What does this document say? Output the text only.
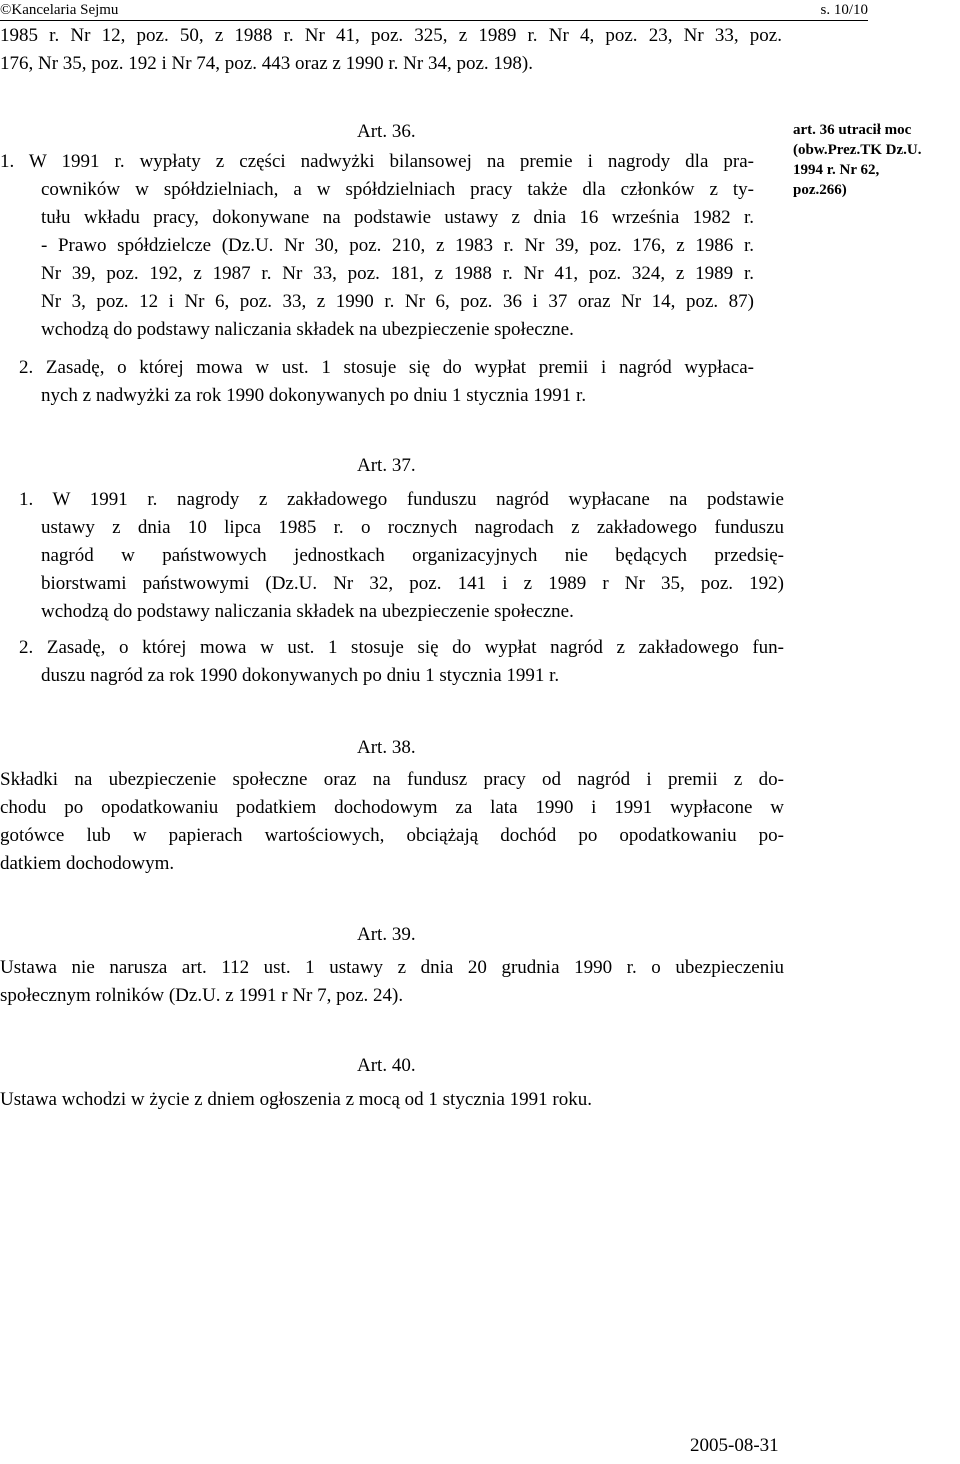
©Kancelaria Sejmu	s. 10/10
1985 r. Nr 12, poz. 50, z 1988 r. Nr 41, poz. 325, z 1989 r. Nr 4, poz. 23, Nr 33, poz.
176, Nr 35, poz. 192 i Nr 74, poz. 443 oraz z 1990 r. Nr 34, poz. 198).
Art. 36.
1. W 1991 r. wypłaty z części nadwyżki bilansowej na premie i nagrody dla pra-
cowników w spółdzielniach, a w spółdzielniach pracy także dla członków z ty-
tułu wkładu pracy, dokonywane na podstawie ustawy z dnia 16 września 1982 r.
- Prawo spółdzielcze (Dz.U. Nr 30, poz. 210, z 1983 r. Nr 39, poz. 176, z 1986 r.
Nr 39, poz. 192, z 1987 r. Nr 33, poz. 181, z 1988 r. Nr 41, poz. 324, z 1989 r.
Nr 3, poz. 12 i Nr 6, poz. 33, z 1990 r. Nr 6, poz. 36 i 37 oraz Nr 14, poz. 87)
wchodzą do podstawy naliczania składek na ubezpieczenie społeczne.
2. Zasadę, o której mowa w ust. 1 stosuje się do wypłat premii i nagród wypłaca-
nych z nadwyżki za rok 1990 dokonywanych po dniu 1 stycznia 1991 r.
art. 36 utracił moc
(obw.Prez.TK Dz.U.
1994 r. Nr 62,
poz.266)
Art. 37.
1. W 1991 r. nagrody z zakładowego funduszu nagród wypłacane na podstawie
ustawy z dnia 10 lipca 1985 r. o rocznych nagrodach z zakładowego funduszu
nagród w państwowych jednostkach organizacyjnych nie będących przedsię-
biorstwami państwowymi (Dz.U. Nr 32, poz. 141 i z 1989 r Nr 35, poz. 192)
wchodzą do podstawy naliczania składek na ubezpieczenie społeczne.
2. Zasadę, o której mowa w ust. 1 stosuje się do wypłat nagród z zakładowego fun-
duszu nagród za rok 1990 dokonywanych po dniu 1 stycznia 1991 r.
Art. 38.
Składki na ubezpieczenie społeczne oraz na fundusz pracy od nagród i premii z do-
chodu po opodatkowaniu podatkiem dochodowym za lata 1990 i 1991 wypłacone w
gotówce lub w papierach wartościowych, obciążają dochód po opodatkowaniu po-
datkiem dochodowym.
Art. 39.
Ustawa nie narusza art. 112 ust. 1 ustawy z dnia 20 grudnia 1990 r. o ubezpieczeniu
społecznym rolników (Dz.U. z 1991 r Nr 7, poz. 24).
Art. 40.
Ustawa wchodzi w życie z dniem ogłoszenia z mocą od 1 stycznia 1991 roku.
2005-08-31
